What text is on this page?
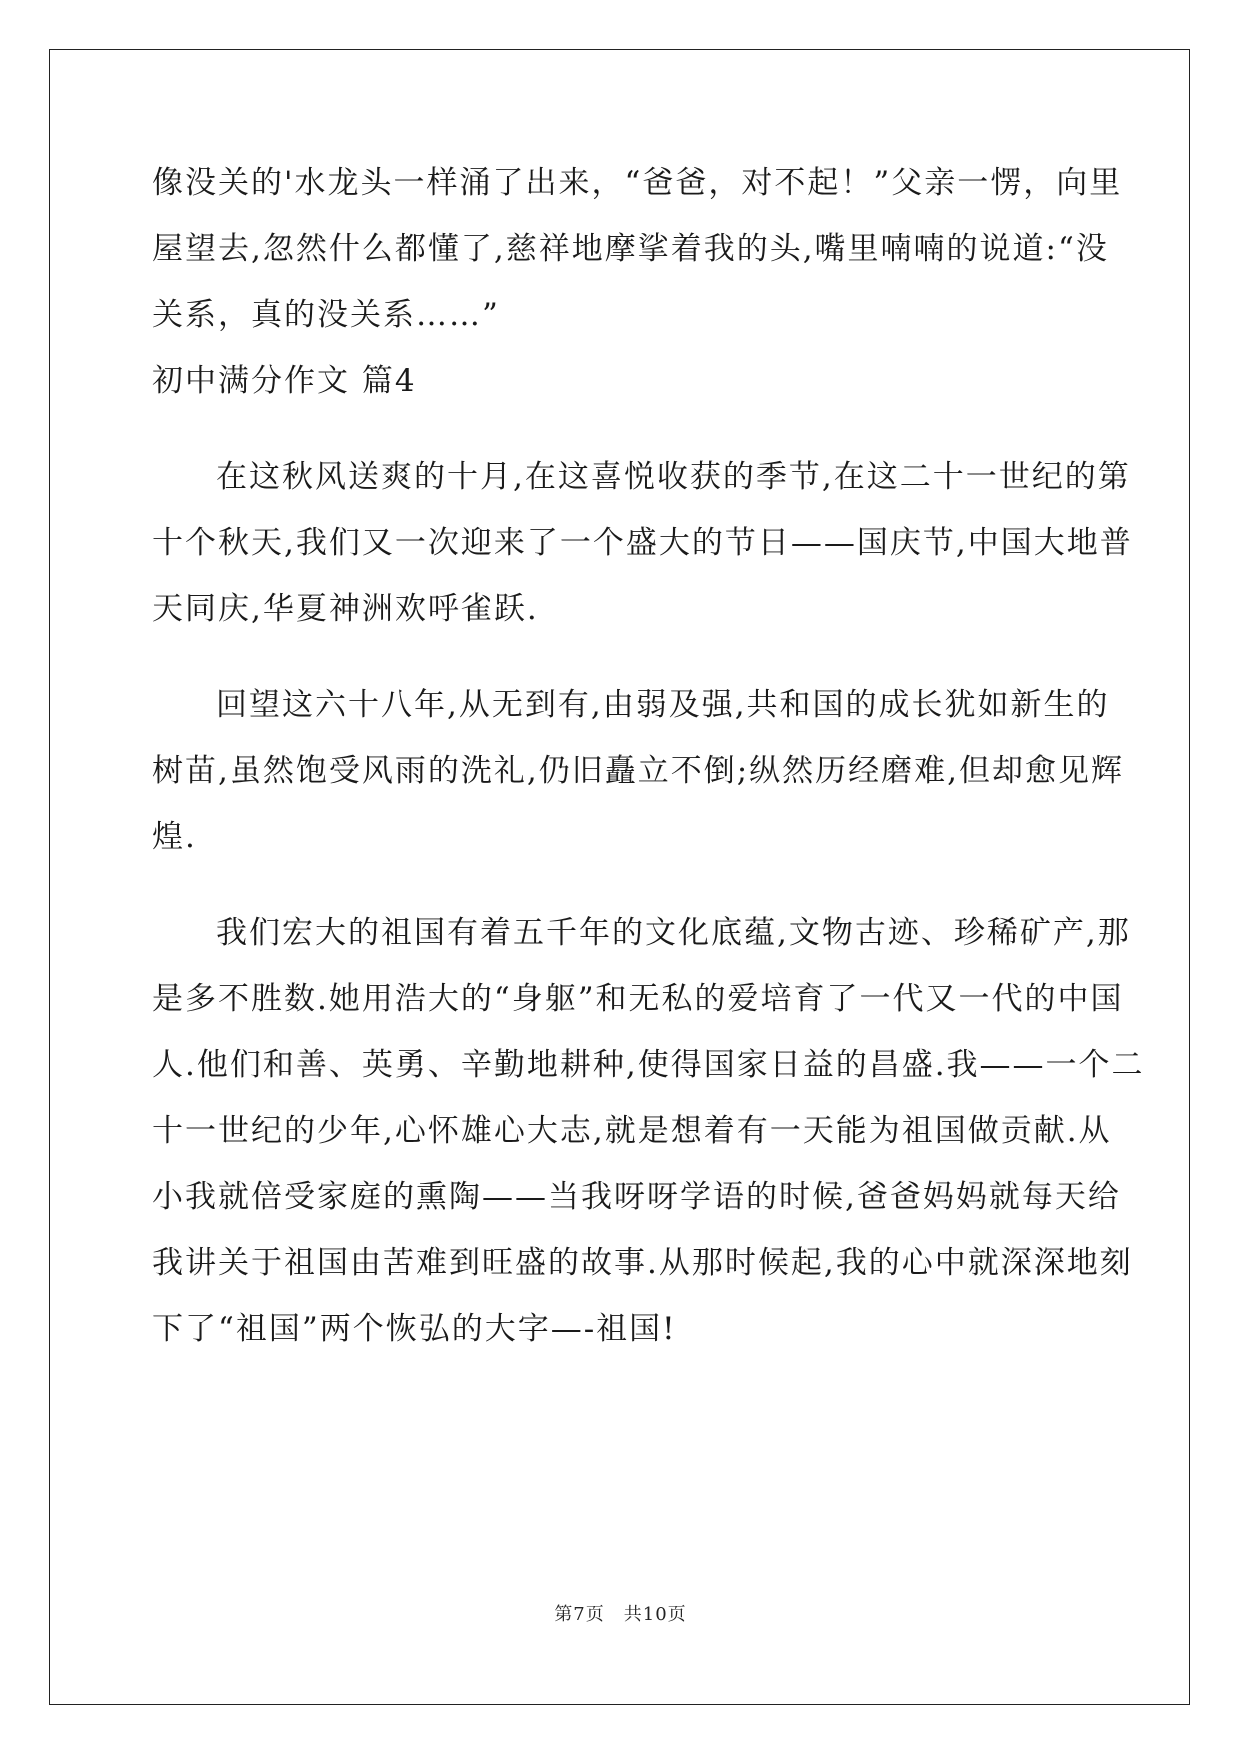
像没关的'水龙头一样涌了出来，“爸爸，对不起！”父亲一愣，向里
屋望去,忽然什么都懂了,慈祥地摩挲着我的头,嘴里喃喃的说道:“没
关系，真的没关系……”
初中满分作文 篇4
在这秋风送爽的十月,在这喜悦收获的季节,在这二十一世纪的第
十个秋天,我们又一次迎来了一个盛大的节日——国庆节,中国大地普
天同庆,华夏神洲欢呼雀跃.
回望这六十八年,从无到有,由弱及强,共和国的成长犹如新生的
树苗,虽然饱受风雨的洗礼,仍旧矗立不倒;纵然历经磨难,但却愈见辉
煌.
我们宏大的祖国有着五千年的文化底蕴,文物古迹、珍稀矿产,那
是多不胜数.她用浩大的“身躯”和无私的爱培育了一代又一代的中国
人.他们和善、英勇、辛勤地耕种,使得国家日益的昌盛.我——一个二
十一世纪的少年,心怀雄心大志,就是想着有一天能为祖国做贡献.从
小我就倍受家庭的熏陶——当我呀呀学语的时候,爸爸妈妈就每天给
我讲关于祖国由苦难到旺盛的故事.从那时候起,我的心中就深深地刻
下了“祖国”两个恢弘的大字—-祖国!
第7页　共10页
